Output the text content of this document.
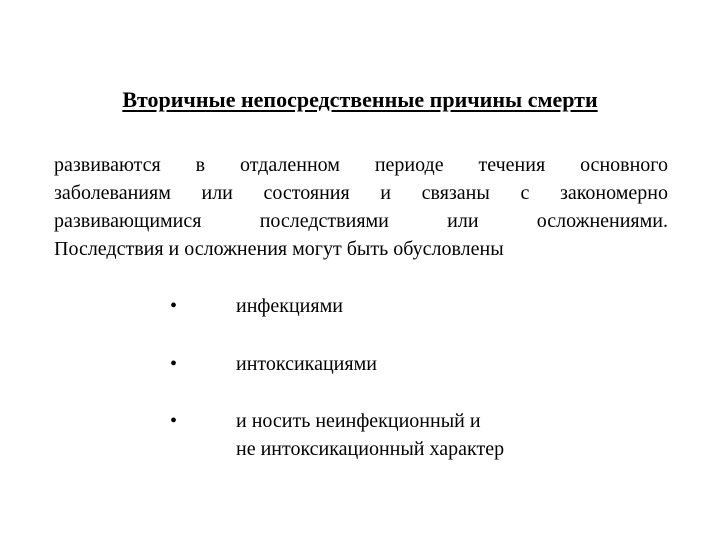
Вторичные непосредственные причины смерти
развиваются в отдаленном периоде течения основного
заболеваниям или состояния и связаны с закономерно
развивающимися последствиями или осложнениями.
Последствия и осложнения могут быть обусловлены
•	инфекциями
•	интоксикациями
•	и носить неинфекционный и
не интоксикационный характер
